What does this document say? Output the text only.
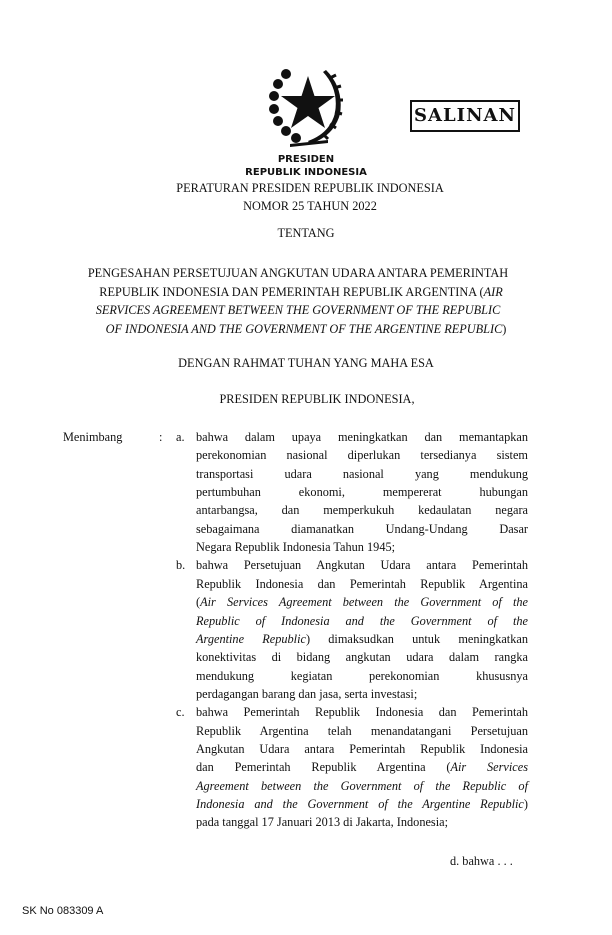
SALINAN
PRESIDEN
REPUBLIK INDONESIA
PERATURAN PRESIDEN REPUBLIK INDONESIA
NOMOR 25 TAHUN 2022
TENTANG
PENGESAHAN PERSETUJUAN ANGKUTAN UDARA ANTARA PEMERINTAH
REPUBLIK INDONESIA DAN PEMERINTAH REPUBLIK ARGENTINA (AIR
SERVICES AGREEMENT BETWEEN THE GOVERNMENT OF THE REPUBLIC
OF INDONESIA AND THE GOVERNMENT OF THE ARGENTINE REPUBLIC)
DENGAN RAHMAT TUHAN YANG MAHA ESA
PRESIDEN REPUBLIK INDONESIA,
Menimbang	: a. bahwa dalam upaya meningkatkan dan memantapkan
perekonomian nasional diperlukan tersedianya sistem
transportasi udara nasional yang mendukung
pertumbuhan ekonomi, mempererat hubungan
antarbangsa, dan memperkukuh kedaulatan negara
sebagaimana diamanatkan Undang-Undang Dasar
Negara Republik Indonesia Tahun 1945;
b. bahwa Persetujuan Angkutan Udara antara Pemerintah
Republik Indonesia dan Pemerintah Republik Argentina
(Air Services Agreement between the Government of the
Republic of Indonesia and the Government of the
Argentine Republic) dimaksudkan untuk meningkatkan
konektivitas di bidang angkutan udara dalam rangka
mendukung kegiatan perekonomian khususnya
perdagangan barang dan jasa, serta investasi;
c. bahwa Pemerintah Republik Indonesia dan Pemerintah
Republik Argentina telah menandatangani Persetujuan
Angkutan Udara antara Pemerintah Republik Indonesia
dan Pemerintah Republik Argentina (Air Services
Agreement between the Government of the Republic of
Indonesia and the Government of the Argentine Republic)
pada tanggal 17 Januari 2013 di Jakarta, Indonesia;
d. bahwa . . .
SK No 083309 A
